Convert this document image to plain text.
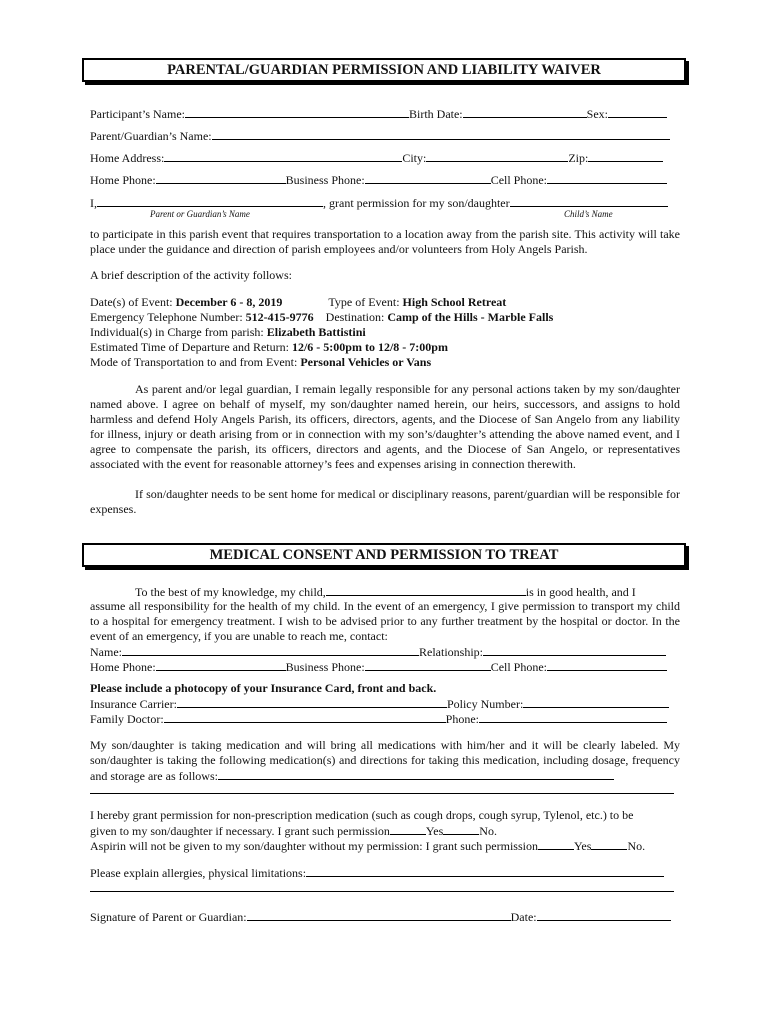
PARENTAL/GUARDIAN PERMISSION AND LIABILITY WAIVER
Participant’s Name:	Birth Date:	Sex:
Parent/Guardian’s Name:
Home Address:	City:	Zip:
Home Phone:	Business Phone:	Cell Phone:
I,	, grant permission for my son/daughter
Parent or Guardian’s Name	Child’s Name
to participate in this parish event that requires transportation to a location away from the parish site. This activity will take place under the guidance and direction of parish employees and/or volunteers from Holy Angels Parish.
A brief description of the activity follows:
Date(s) of Event: December 6 - 8, 2019	Type of Event: High School Retreat
Emergency Telephone Number: 512-415-9776 Destination: Camp of the Hills - Marble Falls
Individual(s) in Charge from parish: Elizabeth Battistini
Estimated Time of Departure and Return: 12/6 - 5:00pm to 12/8 - 7:00pm
Mode of Transportation to and from Event: Personal Vehicles or Vans
As parent and/or legal guardian, I remain legally responsible for any personal actions taken by my son/daughter named above. I agree on behalf of myself, my son/daughter named herein, our heirs, successors, and assigns to hold harmless and defend Holy Angels Parish, its officers, directors, agents, and the Diocese of San Angelo from any liability for illness, injury or death arising from or in connection with my son’s/daughter’s attending the above named event, and I agree to compensate the parish, its officers, directors and agents, and the Diocese of San Angelo, or representatives associated with the event for reasonable attorney’s fees and expenses arising in connection therewith.
If son/daughter needs to be sent home for medical or disciplinary reasons, parent/guardian will be responsible for expenses.
MEDICAL CONSENT AND PERMISSION TO TREAT
To the best of my knowledge, my child,	is in good health, and I
assume all responsibility for the health of my child. In the event of an emergency, I give permission to transport my child to a hospital for emergency treatment. I wish to be advised prior to any further treatment by the hospital or doctor. In the event of an emergency, if you are unable to reach me, contact:
Name:	Relationship:
Home Phone:	Business Phone:	Cell Phone:
Please include a photocopy of your Insurance Card, front and back.
Insurance Carrier:	Policy Number:
Family Doctor:	Phone:
My son/daughter is taking medication and will bring all medications with him/her and it will be clearly labeled. My son/daughter is taking the following medication(s) and directions for taking this medication, including dosage, frequency and storage are as follows:
I hereby grant permission for non-prescription medication (such as cough drops, cough syrup, Tylenol, etc.) to be
given to my son/daughter if necessary. I grant such permission	Yes	No.
Aspirin will not be given to my son/daughter without my permission: I grant such permission	Yes	No.
Please explain allergies, physical limitations:
Signature of Parent or Guardian:	Date:
